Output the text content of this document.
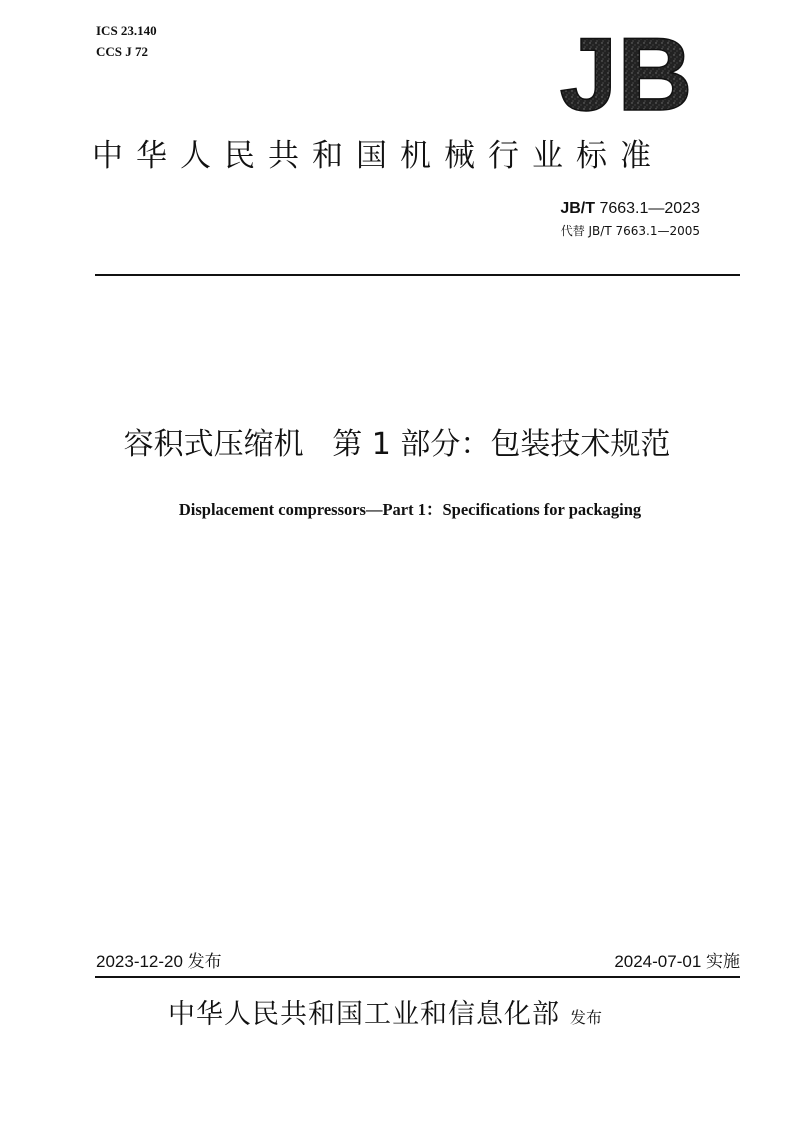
ICS 23.140
CCS J 72	JB
中华人民共和国机械行业标准
JB/T 7663.1—2023
代替 JB/T 7663.1—2005
容积式压缩机   第 1 部分：包装技术规范
Displacement compressors—Part 1：Specifications for packaging
2023-12-20 发布	2024-07-01 实施
中华人民共和国工业和信息化部 发布
